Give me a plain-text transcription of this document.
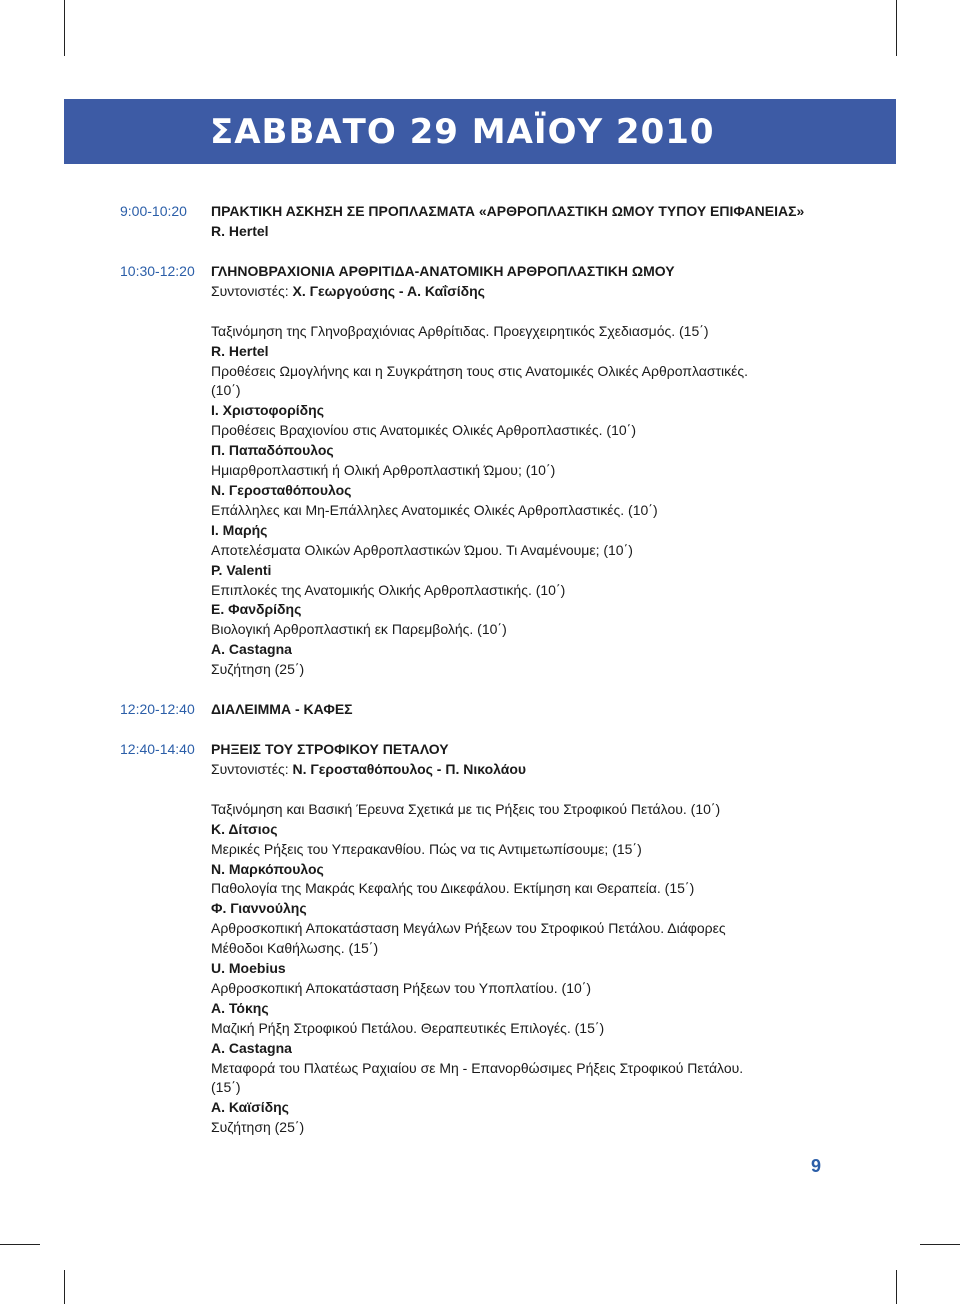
ΣΑΒΒΑΤΟ 29 ΜΑΪΟΥ 2010
9:00-10:20 ΠΡΑΚΤΙΚΗ ΑΣΚΗΣΗ ΣΕ ΠΡΟΠΛΑΣΜΑΤΑ «ΑΡΘΡΟΠΛΑΣΤΙΚΗ ΩΜΟΥ ΤΥΠΟΥ ΕΠΙΦΑΝΕΙΑΣ»
R. Hertel
10:30-12:20 ΓΛΗΝΟΒΡΑΧΙΟΝΙΑ ΑΡΘΡΙΤΙΔΑ-ΑΝΑΤΟΜΙΚΗ ΑΡΘΡΟΠΛΑΣΤΙΚΗ ΩΜΟΥ
Συντονιστές: Χ. Γεωργούσης - Α. Καΐσίδης
Ταξινόμηση της Γληνοβραχιόνιας Αρθρίτιδας. Προεγχειρητικός Σχεδιασμός. (15΄)
R. Hertel
Προθέσεις Ωμογλήνης και η Συγκράτηση τους στις Ανατομικές Ολικές Αρθροπλαστικές.
(10΄)
Ι. Χριστοφορίδης
Προθέσεις Βραχιονίου στις Ανατομικές Ολικές Αρθροπλαστικές. (10΄)
Π. Παπαδόπουλος
Ημιαρθροπλαστική ή Ολική Αρθροπλαστική Ώμου; (10΄)
Ν. Γεροσταθόπουλος
Επάλληλες και Μη-Επάλληλες Ανατομικές Ολικές Αρθροπλαστικές. (10΄)
Ι. Μαρής
Αποτελέσματα Ολικών Αρθροπλαστικών Ώμου. Τι Αναμένουμε; (10΄)
P. Valenti
Επιπλοκές της Ανατομικής Ολικής Αρθροπλαστικής. (10΄)
Ε. Φανδρίδης
Βιολογική Αρθροπλαστική εκ Παρεμβολής. (10΄)
A. Castagna
Συζήτηση (25΄)
12:20-12:40 ΔΙΑΛΕΙΜΜΑ - ΚΑΦΕΣ
12:40-14:40 ΡΗΞΕΙΣ ΤΟΥ ΣΤΡΟΦΙΚΟΥ ΠΕΤΑΛΟΥ
Συντονιστές: Ν. Γεροσταθόπουλος - Π. Νικολάου
Ταξινόμηση και Βασική Έρευνα Σχετικά με τις Ρήξεις του Στροφικού Πετάλου. (10΄)
Κ. Δίτσιος
Μερικές Ρήξεις του Υπερακανθίου. Πώς να τις Αντιμετωπίσουμε; (15΄)
Ν. Μαρκόπουλος
Παθολογία της Μακράς Κεφαλής του Δικεφάλου. Εκτίμηση και Θεραπεία. (15΄)
Φ. Γιαννούλης
Αρθροσκοπική Αποκατάσταση Μεγάλων Ρήξεων του Στροφικού Πετάλου. Διάφορες
Μέθοδοι Καθήλωσης. (15΄)
U. Moebius
Αρθροσκοπική Αποκατάσταση Ρήξεων του Υποπλατίου. (10΄)
Α. Τόκης
Μαζική Ρήξη Στροφικού Πετάλου. Θεραπευτικές Επιλογές. (15΄)
A. Castagna
Μεταφορά του Πλατέως Ραχιαίου σε Μη - Επανορθώσιμες Ρήξεις Στροφικού Πετάλου.
(15΄)
Α. Καϊσίδης
Συζήτηση (25΄)
9
